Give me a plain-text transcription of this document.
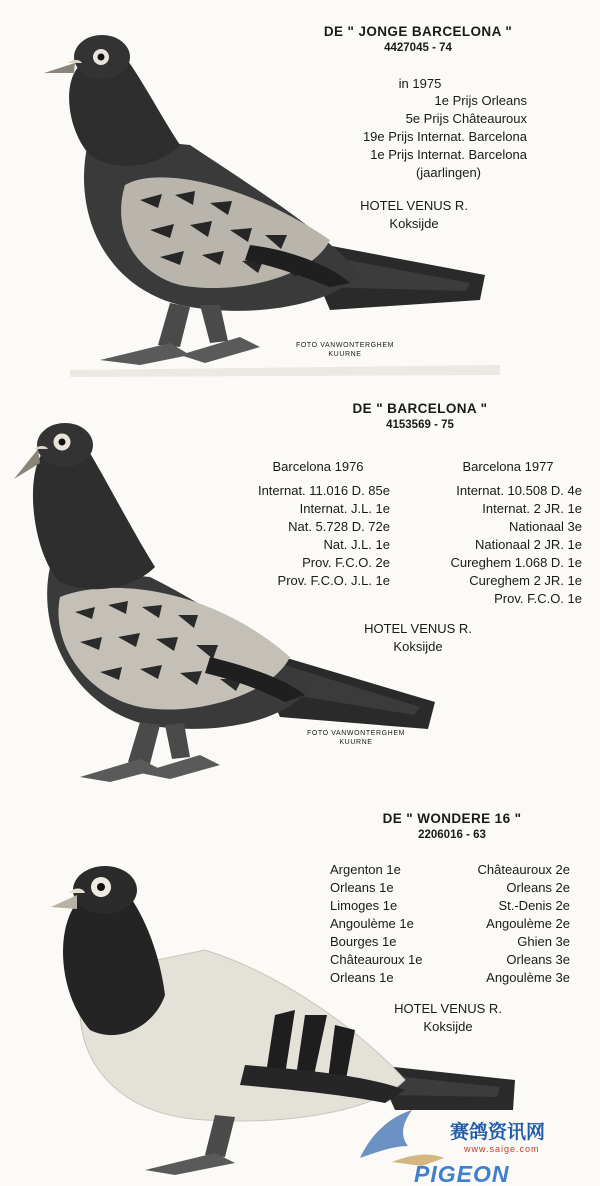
DE " JONGE BARCELONA "
4427045 - 74
in 1975
1e Prijs Orleans
5e Prijs Châteauroux
19e Prijs Internat. Barcelona
1e Prijs Internat. Barcelona
(jaarlingen)
HOTEL VENUS R.
Koksijde
FOTO VANWONTERGHEM
KUURNE
DE " BARCELONA "
4153569 - 75
Barcelona 1976
Internat. 11.016 D. 85e
Internat. J.L. 1e
Nat. 5.728 D. 72e
Nat. J.L. 1e
Prov. F.C.O. 2e
Prov. F.C.O. J.L. 1e
Barcelona 1977
Internat. 10.508 D. 4e
Internat. 2 JR. 1e
Nationaal 3e
Nationaal 2 JR. 1e
Cureghem 1.068 D. 1e
Cureghem 2 JR. 1e
Prov. F.C.O. 1e
HOTEL VENUS R.
Koksijde
FOTO VANWONTERGHEM
KUURNE
DE " WONDERE 16 "
2206016 - 63
Argenton 1e
Orleans 1e
Limoges 1e
Angoulème 1e
Bourges 1e
Châteauroux 1e
Orleans 1e
Châteauroux 2e
Orleans 2e
St.-Denis 2e
Angoulème 2e
Ghien 3e
Orleans 3e
Angoulème 3e
HOTEL VENUS R.
Koksijde
赛鸽资讯网
www.saige.com
PIGEON
